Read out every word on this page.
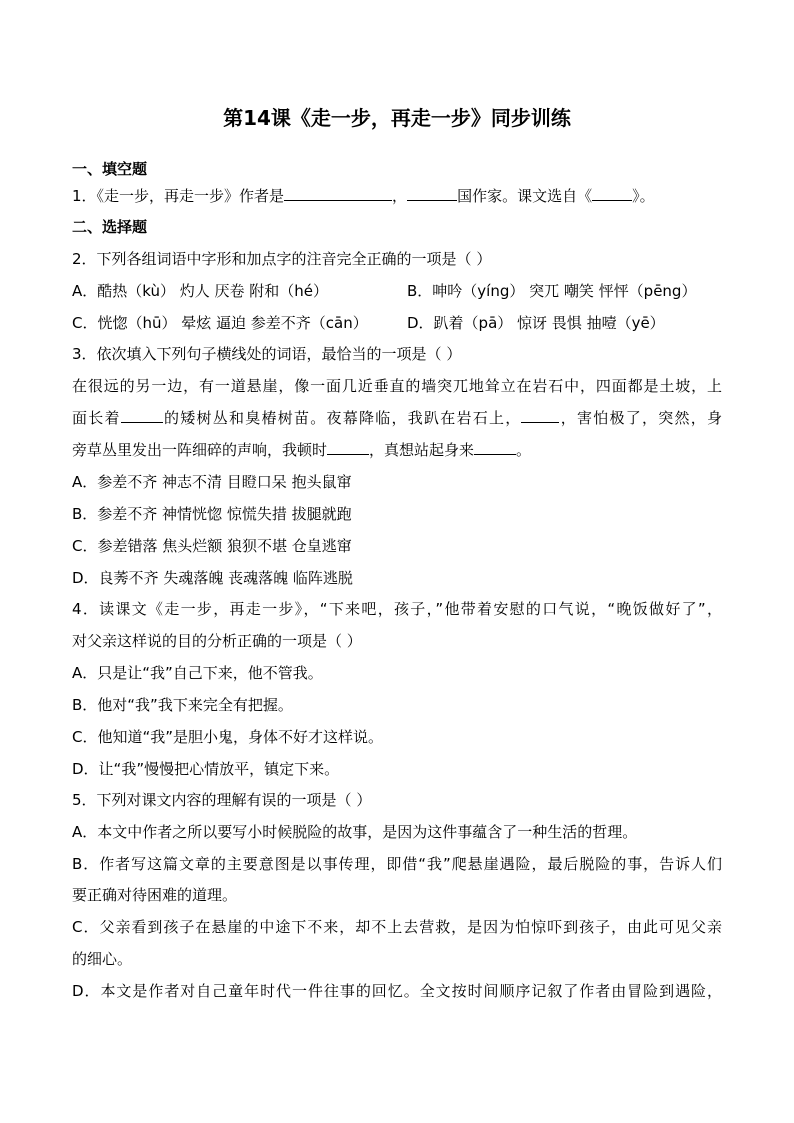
第14课《走一步，再走一步》同步训练
一、填空题
1．《走一步，再走一步》作者是	，	国作家。课文选自《	》。
二、选择题
2．下列各组词语中字形和加点字的注音完全正确的一项是（ ）
A．酷热（kù） 灼人 厌卷 附和（hé）	B．呻吟（yíng） 突兀 嘲笑 怦怦（pēng）
C．恍惚（hū） 晕炫 逼迫 参差不齐（cān）	D．趴着（pā） 惊讶 畏惧 抽噎（yē）
3．依次填入下列句子横线处的词语，最恰当的一项是（ ）
在很远的另一边，有一道悬崖，像一面几近垂直的墙突兀地耸立在岩石中，四面都是土坡，上
面长着	的矮树丛和臭椿树苗。夜幕降临，我趴在岩石上，	，害怕极了，突然，身
旁草丛里发出一阵细碎的声响，我顿时	，真想站起身来	。
A．参差不齐 神志不清 目瞪口呆 抱头鼠窜
B．参差不齐 神情恍惚 惊慌失措 拔腿就跑
C．参差错落 焦头烂额 狼狈不堪 仓皇逃窜
D．良莠不齐 失魂落魄 丧魂落魄 临阵逃脱
4．读课文《走一步，再走一步》，“下来吧，孩子，”他带着安慰的口气说，“晚饭做好了”，
对父亲这样说的目的分析正确的一项是（ ）
A．只是让“我”自己下来，他不管我。
B．他对“我”我下来完全有把握。
C．他知道“我”是胆小鬼，身体不好才这样说。
D．让“我”慢慢把心情放平，镇定下来。
5．下列对课文内容的理解有误的一项是（ ）
A．本文中作者之所以要写小时候脱险的故事，是因为这件事蕴含了一种生活的哲理。
B．作者写这篇文章的主要意图是以事传理，即借“我”爬悬崖遇险，最后脱险的事，告诉人们
要正确对待困难的道理。
C．父亲看到孩子在悬崖的中途下不来，却不上去营救，是因为怕惊吓到孩子，由此可见父亲
的细心。
D．本文是作者对自己童年时代一件往事的回忆。全文按时间顺序记叙了作者由冒险到遇险，
